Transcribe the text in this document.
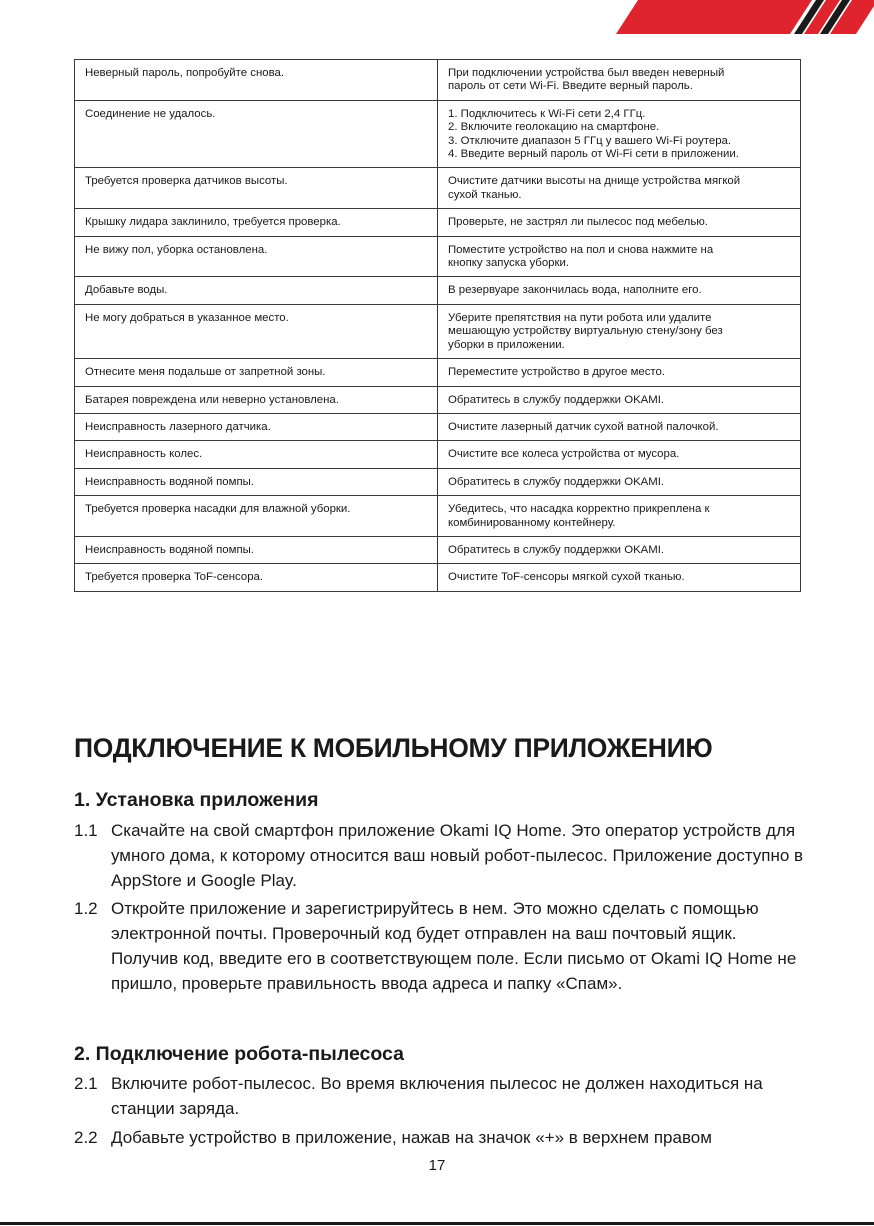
Неверный пароль, попробуйте снова.	При подключении устройства был введен неверный
пароль от сети Wi-Fi. Введите верный пароль.
Соединение не удалось.	1. Подключитесь к Wi-Fi сети 2,4 ГГц.
2. Включите геолокацию на смартфоне.
3. Отключите диапазон 5 ГГц у вашего Wi-Fi роутера.
4. Введите верный пароль от Wi-Fi сети в приложении.
Требуется проверка датчиков высоты.	Очистите датчики высоты на днище устройства мягкой
сухой тканью.
Крышку лидара заклинило, требуется проверка.	Проверьте, не застрял ли пылесос под мебелью.
Не вижу пол, уборка остановлена.	Поместите устройство на пол и снова нажмите на
кнопку запуска уборки.
Добавьте воды.	В резервуаре закончилась вода, наполните его.
Не могу добраться в указанное место.	Уберите препятствия на пути робота или удалите
мешающую устройству виртуальную стену/зону без
уборки в приложении.
Отнесите меня подальше от запретной зоны.	Переместите устройство в другое место.
Батарея повреждена или неверно установлена.	Обратитесь в службу поддержки OKAMI.
Неисправность лазерного датчика.	Очистите лазерный датчик сухой ватной палочкой.
Неисправность колес.	Очистите все колеса устройства от мусора.
Неисправность водяной помпы.	Обратитесь в службу поддержки OKAMI.
Требуется проверка насадки для влажной уборки.	Убедитесь, что насадка корректно прикреплена к
комбинированному контейнеру.
Неисправность водяной помпы.	Обратитесь в службу поддержки OKAMI.
Требуется проверка ToF-сенсора.	Очистите ToF-сенсоры мягкой сухой тканью.
ПОДКЛЮЧЕНИЕ К МОБИЛЬНОМУ ПРИЛОЖЕНИЮ
1. Установка приложения
1.1 Скачайте на свой смартфон приложение Okami IQ Home. Это оператор устройств для умного дома, к которому относится ваш новый робот-пылесос. Приложение доступно в AppStore и Google Play.
1.2 Откройте приложение и зарегистрируйтесь в нем. Это можно сделать с помощью электронной почты. Проверочный код будет отправлен на ваш почтовый ящик. Получив код, введите его в соответствующем поле. Если письмо от Okami IQ Home не пришло, проверьте правильность ввода адреса и папку «Спам».
2. Подключение робота-пылесоса
2.1 Включите робот-пылесос. Во время включения пылесос не должен находиться на станции заряда.
2.2 Добавьте устройство в приложение, нажав на значок «+» в верхнем правом
17
